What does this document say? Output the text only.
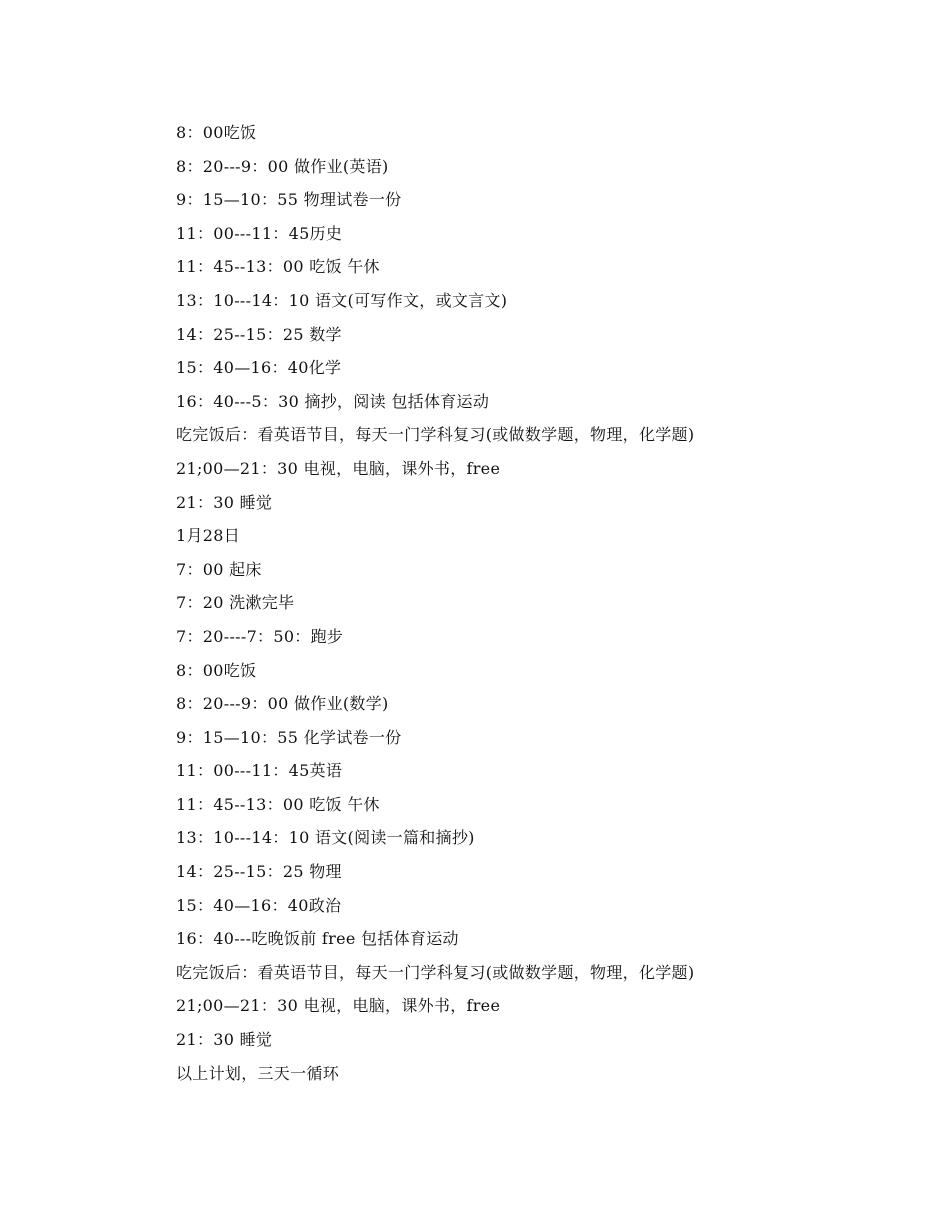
8：00吃饭
8：20---9：00 做作业(英语)
9：15—10：55 物理试卷一份
11：00---11：45历史
11：45--13：00 吃饭 午休
13：10---14：10 语文(可写作文，或文言文)
14：25--15：25 数学
15：40—16：40化学
16：40---5：30 摘抄，阅读 包括体育运动
吃完饭后：看英语节目，每天一门学科复习(或做数学题，物理，化学题)
21;00—21：30 电视，电脑，课外书，free
21：30 睡觉
1月28日
7：00 起床
7：20 洗漱完毕
7：20----7：50：跑步
8：00吃饭
8：20---9：00 做作业(数学)
9：15—10：55 化学试卷一份
11：00---11：45英语
11：45--13：00 吃饭 午休
13：10---14：10 语文(阅读一篇和摘抄)
14：25--15：25 物理
15：40—16：40政治
16：40---吃晚饭前 free 包括体育运动
吃完饭后：看英语节目，每天一门学科复习(或做数学题，物理，化学题)
21;00—21：30 电视，电脑，课外书，free
21：30 睡觉
以上计划，三天一循环
